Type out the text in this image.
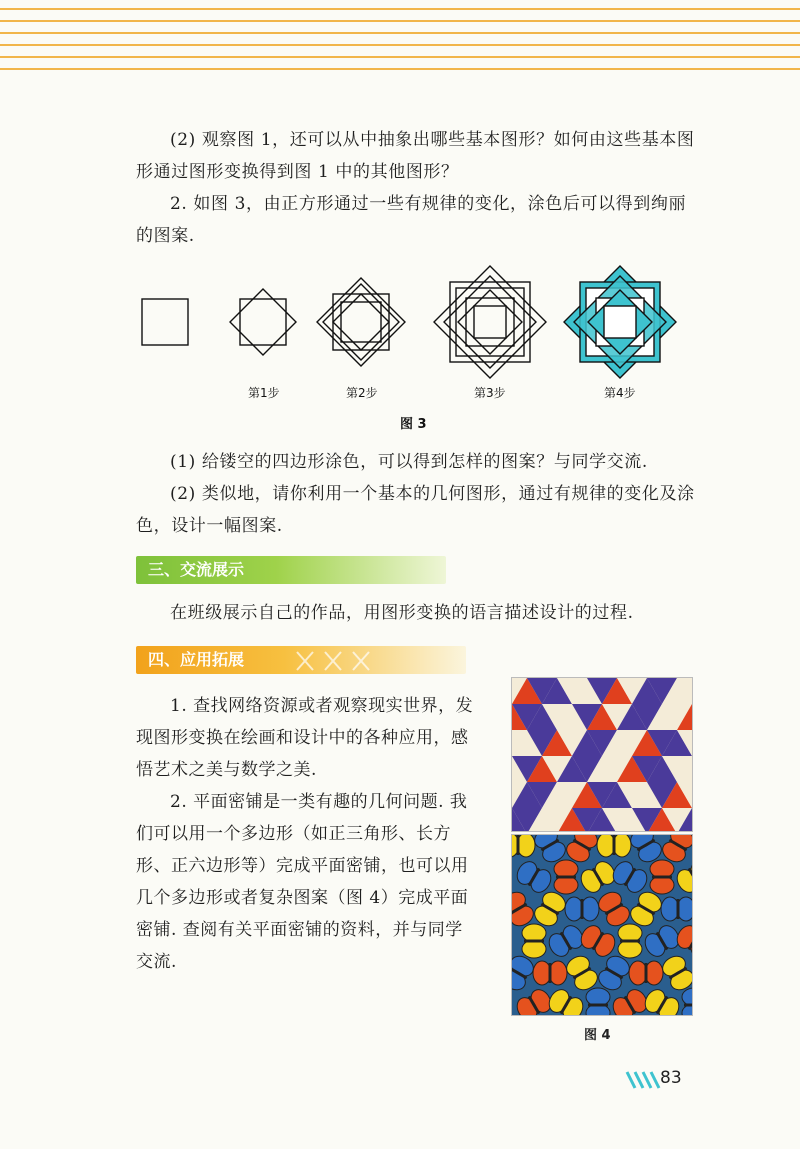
(2) 观察图 1，还可以从中抽象出哪些基本图形？如何由这些基本图形通过图形变换得到图 1 中的其他图形？

2. 如图 3，由正方形通过一些有规律的变化，涂色后可以得到绚丽的图案.

第1步	第2步	第3步	第4步
图 3

(1) 给镂空的四边形涂色，可以得到怎样的图案？与同学交流.

(2) 类似地，请你利用一个基本的几何图形，通过有规律的变化及涂色，设计一幅图案.

三、交流展示

在班级展示自己的作品，用图形变换的语言描述设计的过程.

四、应用拓展

1. 查找网络资源或者观察现实世界，发现图形变换在绘画和设计中的各种应用，感悟艺术之美与数学之美.

2. 平面密铺是一类有趣的几何问题. 我们可以用一个多边形（如正三角形、长方形、正六边形等）完成平面密铺，也可以用几个多边形或者复杂图案（图 4）完成平面密铺. 查阅有关平面密铺的资料，并与同学交流.

图 4
83
